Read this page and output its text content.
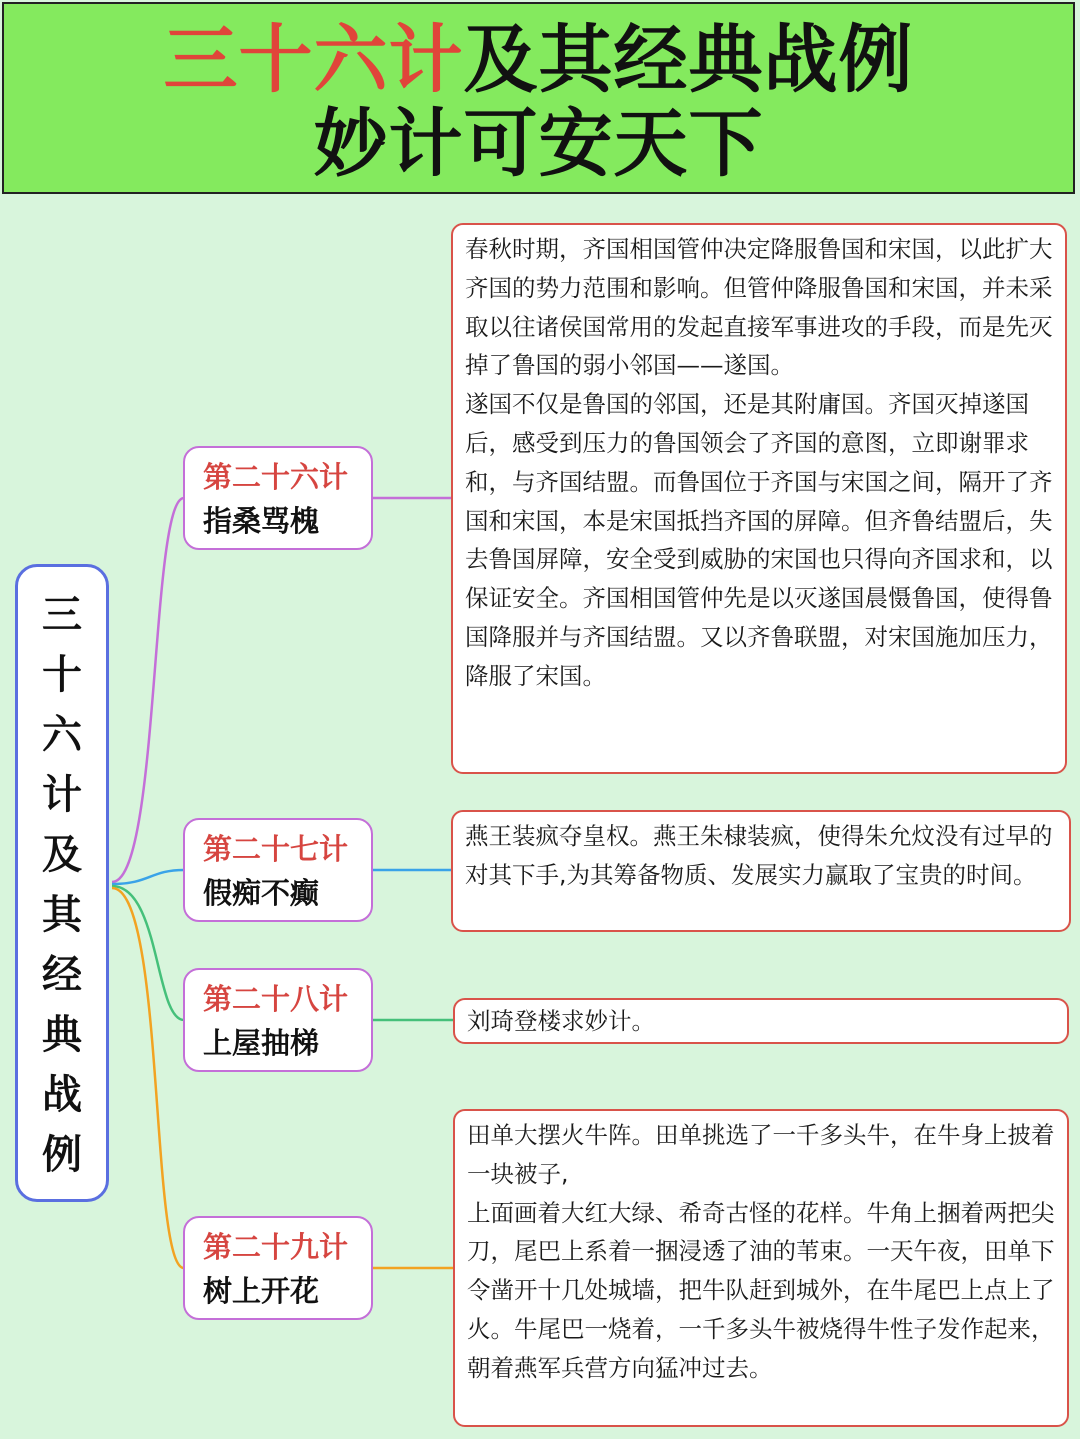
三十六计及其经典战例
妙计可安天下
三
十
六
计
及
其
经
典
战
例
第二十六计
指桑骂槐

春秋时期，齐国相国管仲决定降服鲁国和宋国，以此扩大齐国的势力范围和影响。但管仲降服鲁国和宋国，并未采取以往诸侯国常用的发起直接军事进攻的手段，而是先灭掉了鲁国的弱小邻国——遂国。

遂国不仅是鲁国的邻国，还是其附庸国。齐国灭掉遂国后，感受到压力的鲁国领会了齐国的意图，立即谢罪求和，与齐国结盟。而鲁国位于齐国与宋国之间，隔开了齐国和宋国，本是宋国抵挡齐国的屏障。但齐鲁结盟后，失去鲁国屏障，安全受到威胁的宋国也只得向齐国求和，以保证安全。齐国相国管仲先是以灭遂国晨慑鲁国，使得鲁国降服并与齐国结盟。又以齐鲁联盟，对宋国施加压力，降服了宋国。

第二十七计
假痴不癫

燕王装疯夺皇权。燕王朱棣装疯，使得朱允炆没有过早的对其下手,为其筹备物质、发展实力赢取了宝贵的时间。

第二十八计
上屋抽梯

刘琦登楼求妙计。

第二十九计
树上开花

田单大摆火牛阵。田单挑选了一千多头牛，在牛身上披着一块被子,

上面画着大红大绿、希奇古怪的花样。牛角上捆着两把尖刀，尾巴上系着一捆浸透了油的苇束。一天午夜，田单下令凿开十几处城墙，把牛队赶到城外，在牛尾巴上点上了火。牛尾巴一烧着，一千多头牛被烧得牛性子发作起来，朝着燕军兵营方向猛冲过去。
